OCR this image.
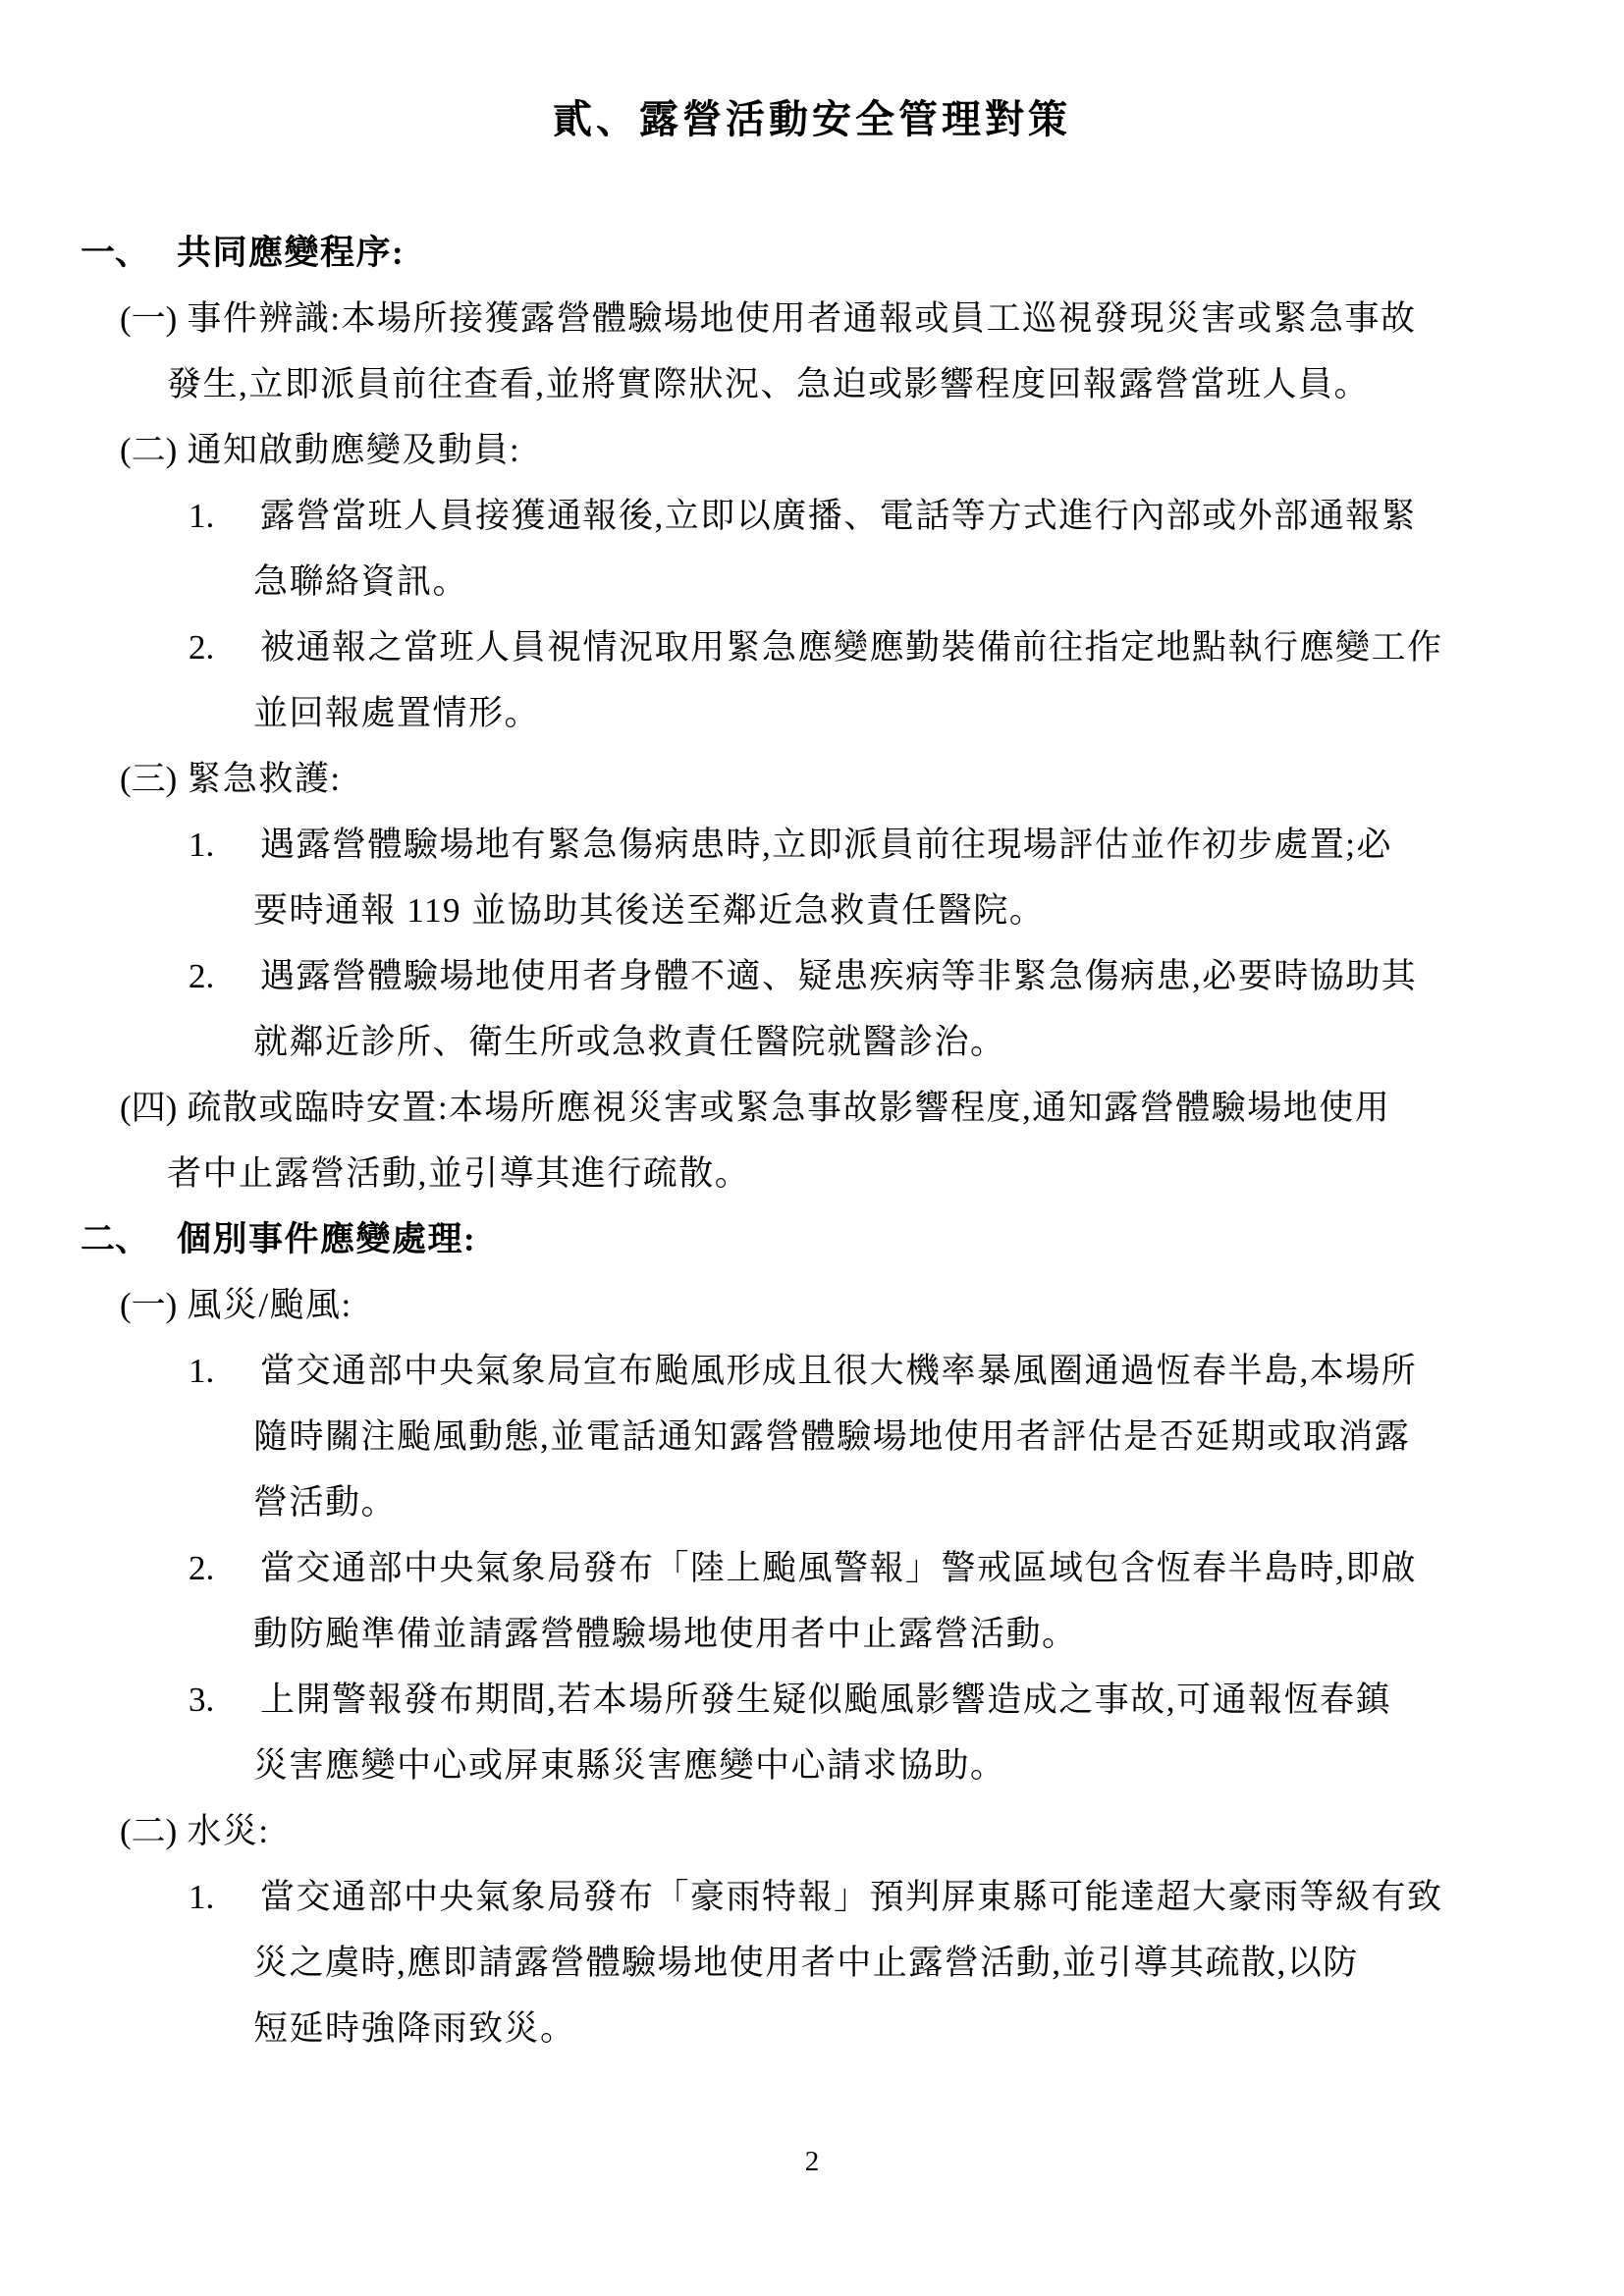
貳、露營活動安全管理對策
一、 共同應變程序:
(一) 事件辨識:本場所接獲露營體驗場地使用者通報或員工巡視發現災害或緊急事故
發生,立即派員前往查看,並將實際狀況、急迫或影響程度回報露營當班人員。
(二) 通知啟動應變及動員:
1. 露營當班人員接獲通報後,立即以廣播、電話等方式進行內部或外部通報緊
急聯絡資訊。
2. 被通報之當班人員視情況取用緊急應變應勤裝備前往指定地點執行應變工作
並回報處置情形。
(三) 緊急救護:
1. 遇露營體驗場地有緊急傷病患時,立即派員前往現場評估並作初步處置;必
要時通報 119 並協助其後送至鄰近急救責任醫院。
2. 遇露營體驗場地使用者身體不適、疑患疾病等非緊急傷病患,必要時協助其
就鄰近診所、衛生所或急救責任醫院就醫診治。
(四) 疏散或臨時安置:本場所應視災害或緊急事故影響程度,通知露營體驗場地使用
者中止露營活動,並引導其進行疏散。
二、 個別事件應變處理:
(一) 風災/颱風:
1. 當交通部中央氣象局宣布颱風形成且很大機率暴風圈通過恆春半島,本場所
隨時關注颱風動態,並電話通知露營體驗場地使用者評估是否延期或取消露
營活動。
2. 當交通部中央氣象局發布「陸上颱風警報」警戒區域包含恆春半島時,即啟
動防颱準備並請露營體驗場地使用者中止露營活動。
3. 上開警報發布期間,若本場所發生疑似颱風影響造成之事故,可通報恆春鎮
災害應變中心或屏東縣災害應變中心請求協助。
(二) 水災:
1. 當交通部中央氣象局發布「豪雨特報」預判屏東縣可能達超大豪雨等級有致
災之虞時,應即請露營體驗場地使用者中止露營活動,並引導其疏散,以防
短延時強降雨致災。
2
